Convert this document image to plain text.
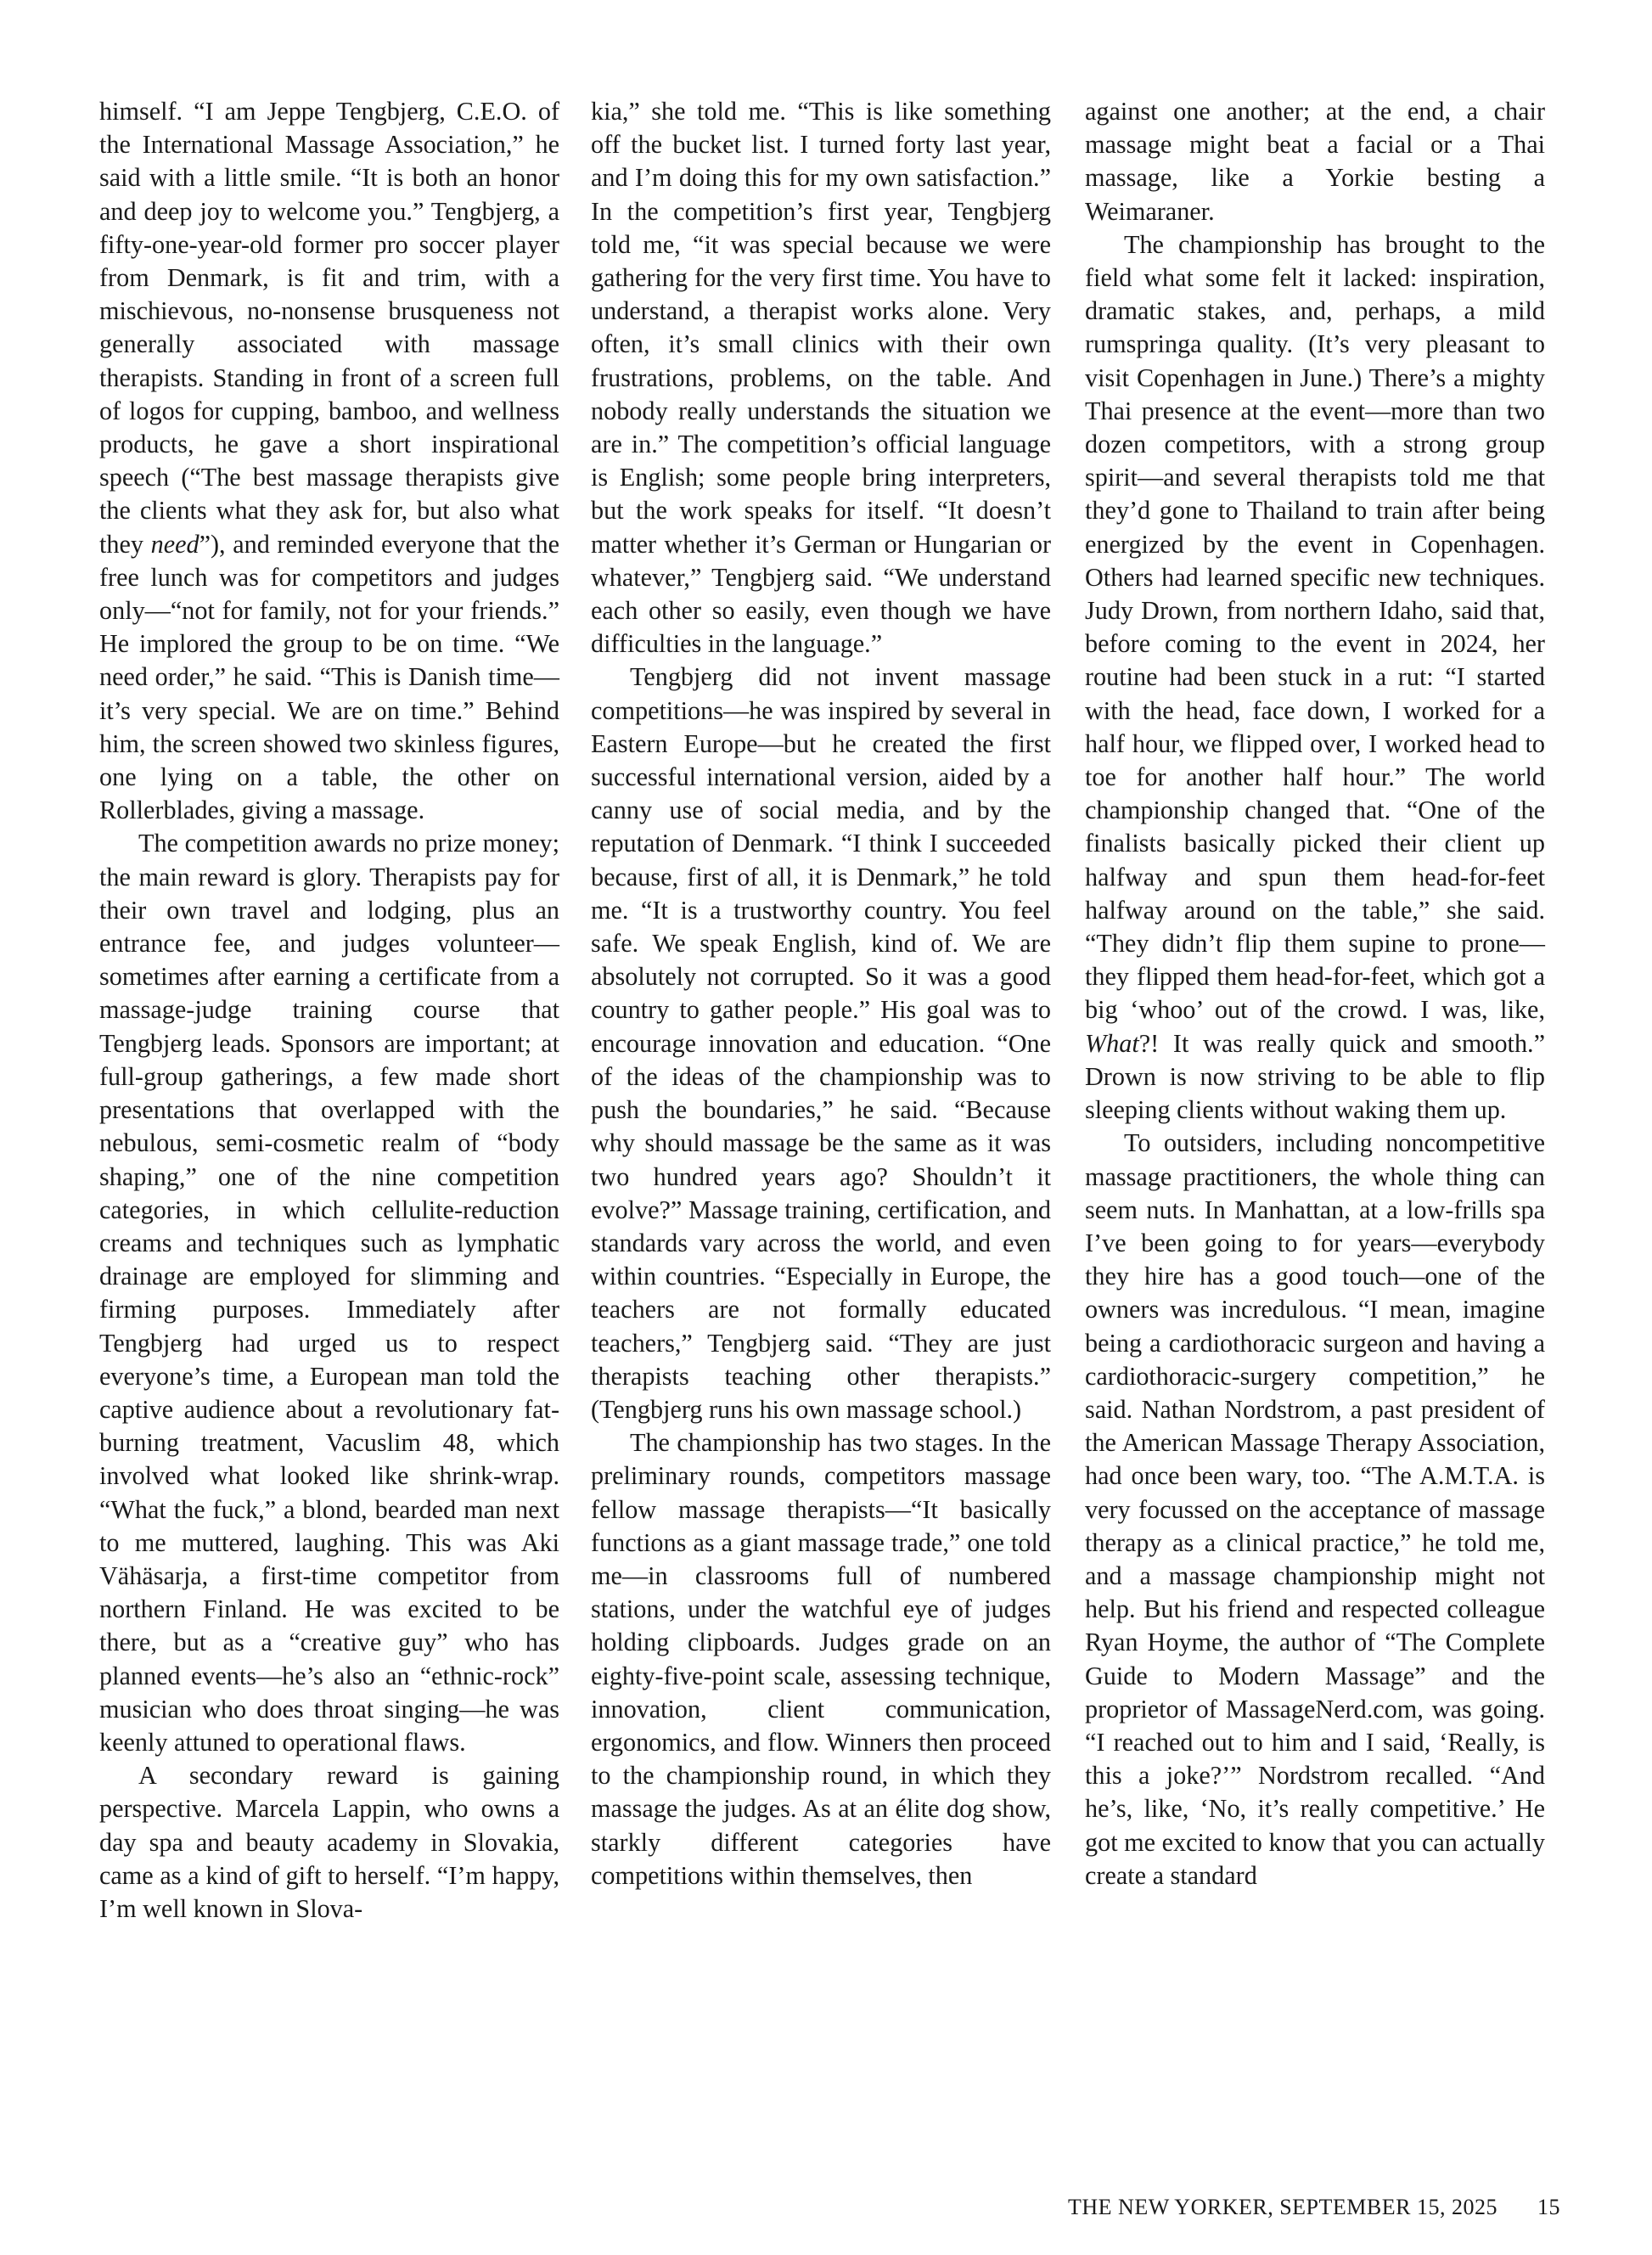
himself. “I am Jeppe Tengbjerg, C.E.O. of the International Massage Association,” he said with a little smile. “It is both an honor and deep joy to welcome you.” Tengbjerg, a fifty-one-year-old former pro soccer player from Denmark, is fit and trim, with a mischievous, no-nonsense brusqueness not generally associated with massage therapists. Standing in front of a screen full of logos for cupping, bamboo, and wellness products, he gave a short inspirational speech (“The best massage therapists give the clients what they ask for, but also what they need”), and reminded everyone that the free lunch was for competitors and judges only—“not for family, not for your friends.” He implored the group to be on time. “We need order,” he said. “This is Danish time—it’s very special. We are on time.” Behind him, the screen showed two skinless figures, one lying on a table, the other on Rollerblades, giving a massage.

The competition awards no prize money; the main reward is glory. Therapists pay for their own travel and lodging, plus an entrance fee, and judges volunteer—sometimes after earning a certificate from a massage-judge training course that Tengbjerg leads. Sponsors are important; at full-group gatherings, a few made short presentations that overlapped with the nebulous, semi-cosmetic realm of “body shaping,” one of the nine competition categories, in which cellulite-reduction creams and techniques such as lymphatic drainage are employed for slimming and firming purposes. Immediately after Tengbjerg had urged us to respect everyone’s time, a European man told the captive audience about a revolutionary fat-burning treatment, Vacuslim 48, which involved what looked like shrink-wrap. “What the fuck,” a blond, bearded man next to me muttered, laughing. This was Aki Vähäsarja, a first-time competitor from northern Finland. He was excited to be there, but as a “creative guy” who has planned events—he’s also an “ethnic-rock” musician who does throat singing—he was keenly attuned to operational flaws.

A secondary reward is gaining perspective. Marcela Lappin, who owns a day spa and beauty academy in Slovakia, came as a kind of gift to herself. “I’m happy, I’m well known in Slova-

kia,” she told me. “This is like something off the bucket list. I turned forty last year, and I’m doing this for my own satisfaction.” In the competition’s first year, Tengbjerg told me, “it was special because we were gathering for the very first time. You have to understand, a therapist works alone. Very often, it’s small clinics with their own frustrations, problems, on the table. And nobody really understands the situation we are in.” The competition’s official language is English; some people bring interpreters, but the work speaks for itself. “It doesn’t matter whether it’s German or Hungarian or whatever,” Tengbjerg said. “We understand each other so easily, even though we have difficulties in the language.”

Tengbjerg did not invent massage competitions—he was inspired by several in Eastern Europe—but he created the first successful international version, aided by a canny use of social media, and by the reputation of Denmark. “I think I succeeded because, first of all, it is Denmark,” he told me. “It is a trustworthy country. You feel safe. We speak English, kind of. We are absolutely not corrupted. So it was a good country to gather people.” His goal was to encourage innovation and education. “One of the ideas of the championship was to push the boundaries,” he said. “Because why should massage be the same as it was two hundred years ago? Shouldn’t it evolve?” Massage training, certification, and standards vary across the world, and even within countries. “Especially in Europe, the teachers are not formally educated teachers,” Tengbjerg said. “They are just therapists teaching other therapists.” (Tengbjerg runs his own massage school.)

The championship has two stages. In the preliminary rounds, competitors massage fellow massage therapists—“It basically functions as a giant massage trade,” one told me—in classrooms full of numbered stations, under the watchful eye of judges holding clipboards. Judges grade on an eighty-five-point scale, assessing technique, innovation, client communication, ergonomics, and flow. Winners then proceed to the championship round, in which they massage the judges. As at an élite dog show, starkly different categories have competitions within themselves, then

against one another; at the end, a chair massage might beat a facial or a Thai massage, like a Yorkie besting a Weimaraner.

The championship has brought to the field what some felt it lacked: inspiration, dramatic stakes, and, perhaps, a mild rumspringa quality. (It’s very pleasant to visit Copenhagen in June.) There’s a mighty Thai presence at the event—more than two dozen competitors, with a strong group spirit—and several therapists told me that they’d gone to Thailand to train after being energized by the event in Copenhagen. Others had learned specific new techniques. Judy Drown, from northern Idaho, said that, before coming to the event in 2024, her routine had been stuck in a rut: “I started with the head, face down, I worked for a half hour, we flipped over, I worked head to toe for another half hour.” The world championship changed that. “One of the finalists basically picked their client up halfway and spun them head-for-feet halfway around on the table,” she said. “They didn’t flip them supine to prone—they flipped them head-for-feet, which got a big ‘whoo’ out of the crowd. I was, like, What?! It was really quick and smooth.” Drown is now striving to be able to flip sleeping clients without waking them up.

To outsiders, including noncompetitive massage practitioners, the whole thing can seem nuts. In Manhattan, at a low-frills spa I’ve been going to for years—everybody they hire has a good touch—one of the owners was incredulous. “I mean, imagine being a cardiothoracic surgeon and having a cardiothoracic-surgery competition,” he said. Nathan Nordstrom, a past president of the American Massage Therapy Association, had once been wary, too. “The A.M.T.A. is very focussed on the acceptance of massage therapy as a clinical practice,” he told me, and a massage championship might not help. But his friend and respected colleague Ryan Hoyme, the author of “The Complete Guide to Modern Massage” and the proprietor of MassageNerd.com, was going. “I reached out to him and I said, ‘Really, is this a joke?’” Nordstrom recalled. “And he’s, like, ‘No, it’s really competitive.’ He got me excited to know that you can actually create a standard

THE NEW YORKER, SEPTEMBER 15, 2025 15
